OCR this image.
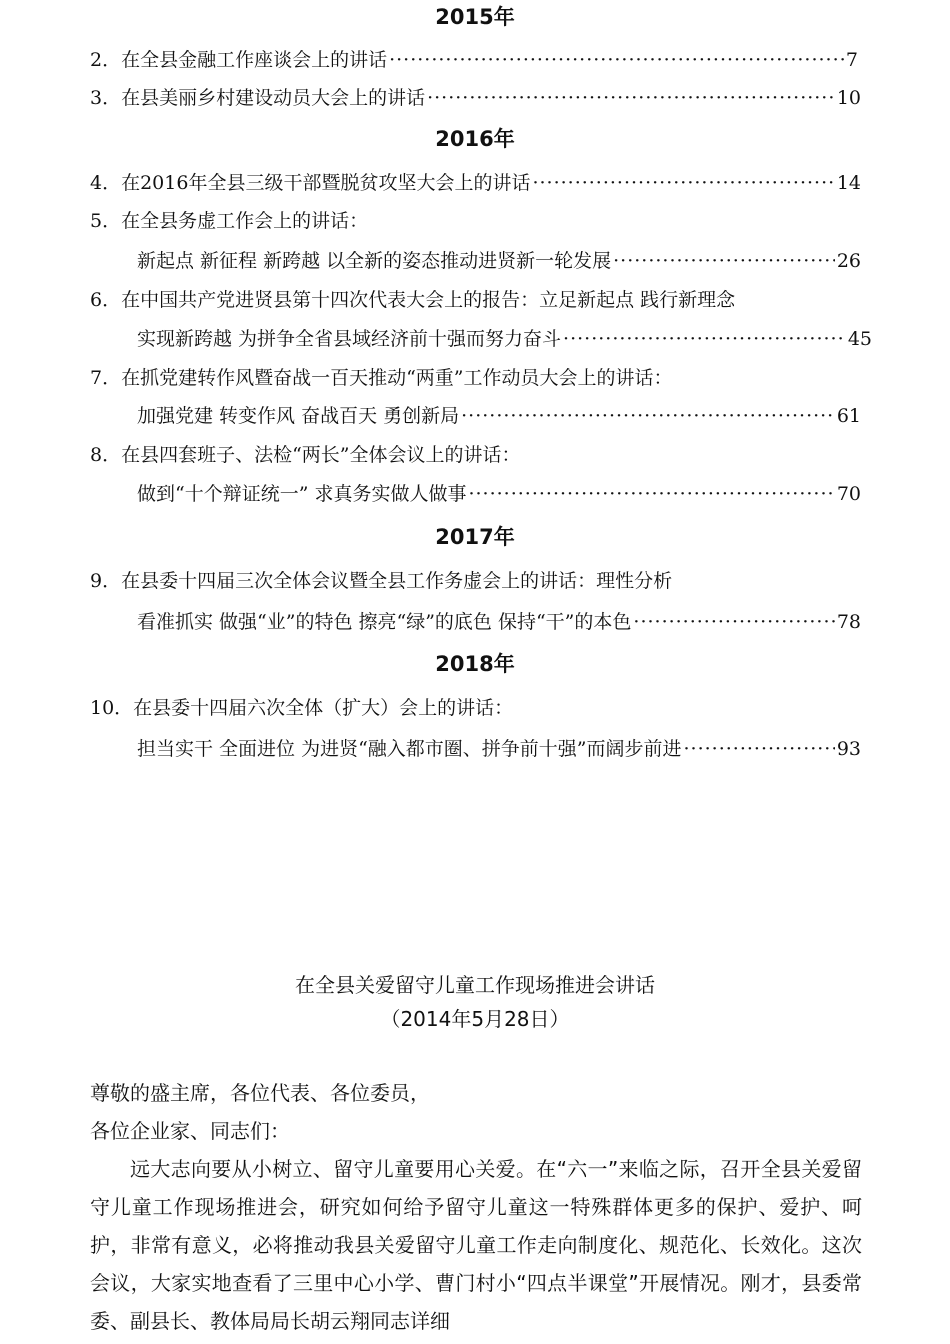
2015年
2．在全县金融工作座谈会上的讲话 ·····	7
3．在县美丽乡村建设动员大会上的讲话 ·····	10
2016年
4．在2016年全县三级干部暨脱贫攻坚大会上的讲话 ·····	14
5．在全县务虚工作会上的讲话：
新起点 新征程 新跨越 以全新的姿态推动进贤新一轮发展 ·····	26
6．在中国共产党进贤县第十四次代表大会上的报告：立足新起点 践行新理念
实现新跨越 为拼争全省县域经济前十强而努力奋斗 ·····	45
7．在抓党建转作风暨奋战一百天推动“两重”工作动员大会上的讲话：
加强党建 转变作风 奋战百天 勇创新局 ·····	61
8．在县四套班子、法检“两长”全体会议上的讲话：
做到“十个辩证统一” 求真务实做人做事 ·····	70
2017年
9．在县委十四届三次全体会议暨全县工作务虚会上的讲话：理性分析
看准抓实 做强“业”的特色 擦亮“绿”的底色 保持“干”的本色 ·····	78
2018年
10．在县委十四届六次全体（扩大）会上的讲话：
担当实干 全面进位 为进贤“融入都市圈、拼争前十强”而阔步前进 ·····	93
在全县关爱留守儿童工作现场推进会讲话
（2014年5月28日）
尊敬的盛主席，各位代表、各位委员，
各位企业家、同志们：
远大志向要从小树立、留守儿童要用心关爱。在“六一”来临之际，召开全县关爱留守儿童工作现场推进会，研究如何给予留守儿童这一特殊群体更多的保护、爱护、呵护，非常有意义，必将推动我县关爱留守儿童工作走向制度化、规范化、长效化。这次会议，大家实地查看了三里中心小学、曹门村小“四点半课堂”开展情况。刚才，县委常委、副县长、教体局局长胡云翔同志详细
